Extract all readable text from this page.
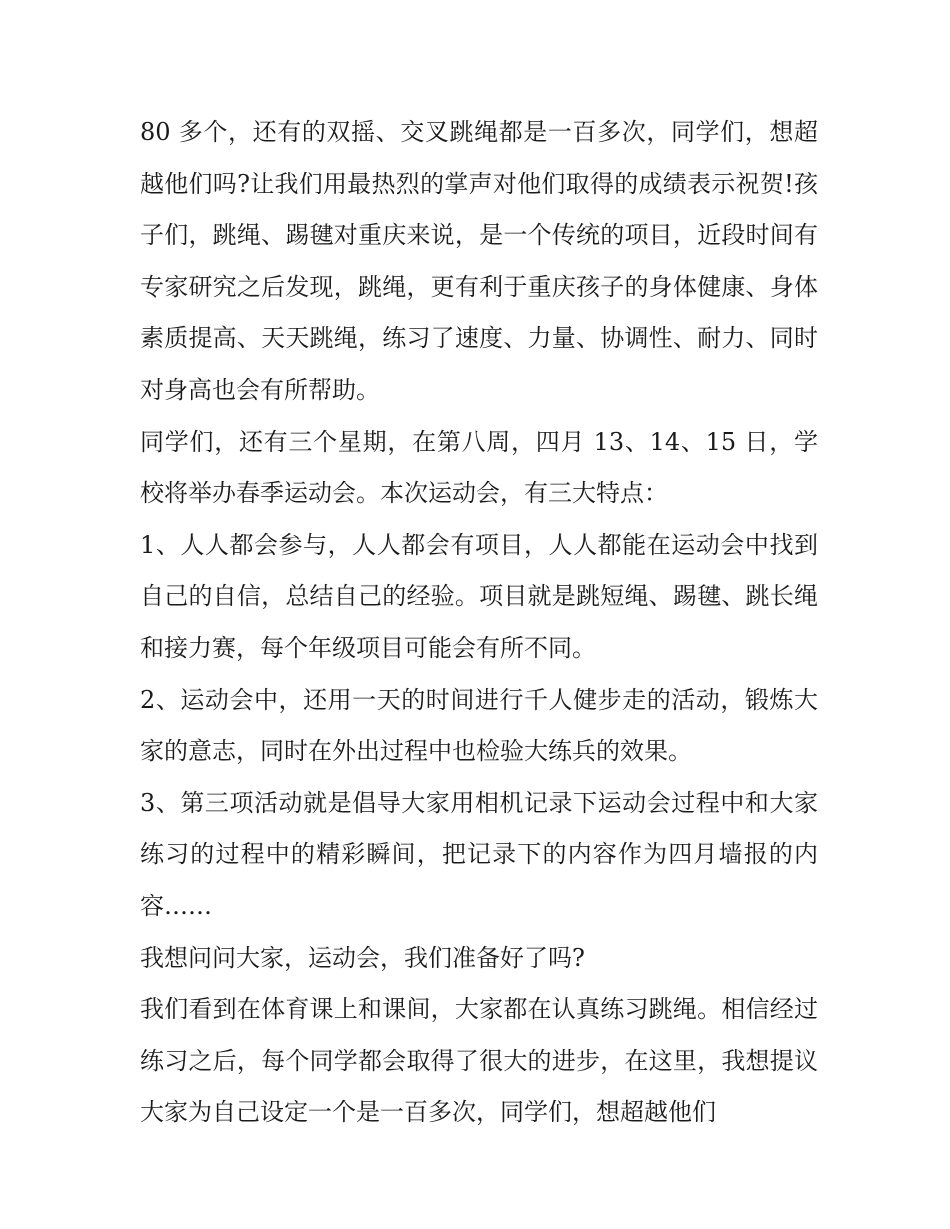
80 多个，还有的双摇、交叉跳绳都是一百多次，同学们，想超越他们吗?让我们用最热烈的掌声对他们取得的成绩表示祝贺!孩子们，跳绳、踢毽对重庆来说，是一个传统的项目，近段时间有专家研究之后发现，跳绳，更有利于重庆孩子的身体健康、身体素质提高、天天跳绳，练习了速度、力量、协调性、耐力、同时对身高也会有所帮助。

同学们，还有三个星期，在第八周，四月 13、14、15 日，学校将举办春季运动会。本次运动会，有三大特点：

1、人人都会参与，人人都会有项目，人人都能在运动会中找到自己的自信，总结自己的经验。项目就是跳短绳、踢毽、跳长绳和接力赛，每个年级项目可能会有所不同。

2、运动会中，还用一天的时间进行千人健步走的活动，锻炼大家的意志，同时在外出过程中也检验大练兵的效果。

3、第三项活动就是倡导大家用相机记录下运动会过程中和大家练习的过程中的精彩瞬间，把记录下的内容作为四月墙报的内容……

我想问问大家，运动会，我们准备好了吗?

我们看到在体育课上和课间，大家都在认真练习跳绳。相信经过练习之后，每个同学都会取得了很大的进步，在这里，我想提议大家为自己设定一个是一百多次，同学们，想超越他们
